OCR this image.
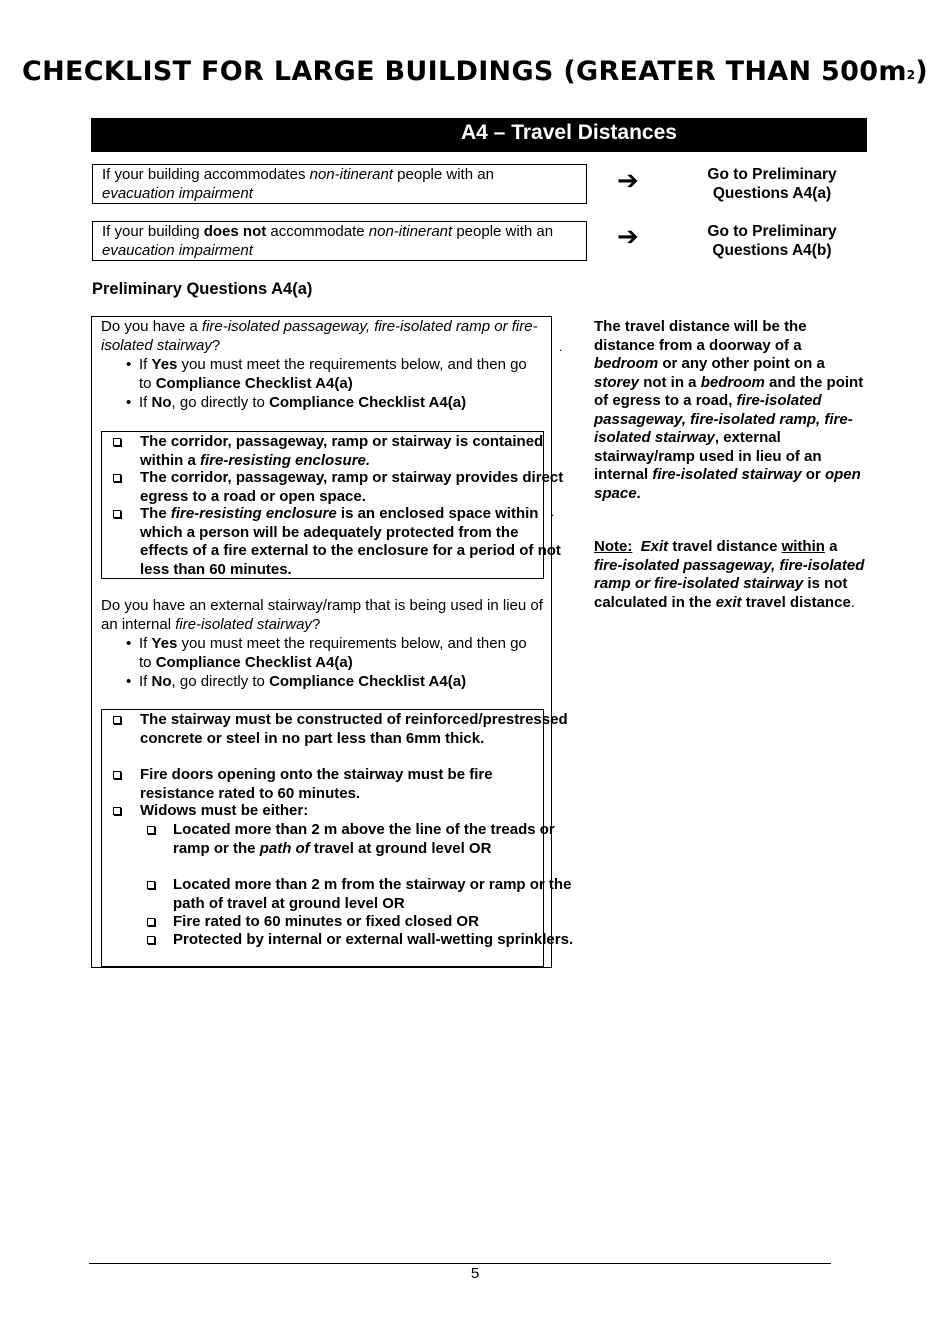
CHECKLIST FOR LARGE BUILDINGS (GREATER THAN 500m2)
A4 – Travel Distances
If your building accommodates non-itinerant people with an
evacuation impairment	➔	Go to Preliminary Questions A4(a)
If your building does not accommodate non-itinerant people with an evaucation impairment	➔	Go to Preliminary Questions A4(b)
Preliminary Questions A4(a)
Do you have a fire-isolated passageway, fire-isolated ramp or fire-isolated stairway?
• If Yes you must meet the requirements below, and then go to Compliance Checklist A4(a)
• If No, go directly to Compliance Checklist A4(a)
The corridor, passageway, ramp or stairway is contained within a fire-resisting enclosure.
The corridor, passageway, ramp or stairway provides direct egress to a road or open space.
The fire-resisting enclosure is an enclosed space within which a person will be adequately protected from the effects of a fire external to the enclosure for a period of not less than 60 minutes.
Do you have an external stairway/ramp that is being used in lieu of an internal fire-isolated stairway?
• If Yes you must meet the requirements below, and then go to Compliance Checklist A4(a)
• If No, go directly to Compliance Checklist A4(a)
The stairway must be constructed of reinforced/prestressed concrete or steel in no part less than 6mm thick.
Fire doors opening onto the stairway must be fire resistance rated to 60 minutes.
Widows must be either:
Located more than 2 m above the line of the treads or ramp or the path of travel at ground level OR
Located more than 2 m from the stairway or ramp or the path of travel at ground level OR
Fire rated to 60 minutes or fixed closed OR
Protected by internal or external wall-wetting sprinklers.
.
.
The travel distance will be the distance from a doorway of a bedroom or any other point on a storey not in a bedroom and the point of egress to a road, fire-isolated passageway, fire-isolated ramp, fire-isolated stairway, external stairway/ramp used in lieu of an internal fire-isolated stairway or open space.
Note: Exit travel distance within a fire-isolated passageway, fire-isolated ramp or fire-isolated stairway is not calculated in the exit travel distance.
5
